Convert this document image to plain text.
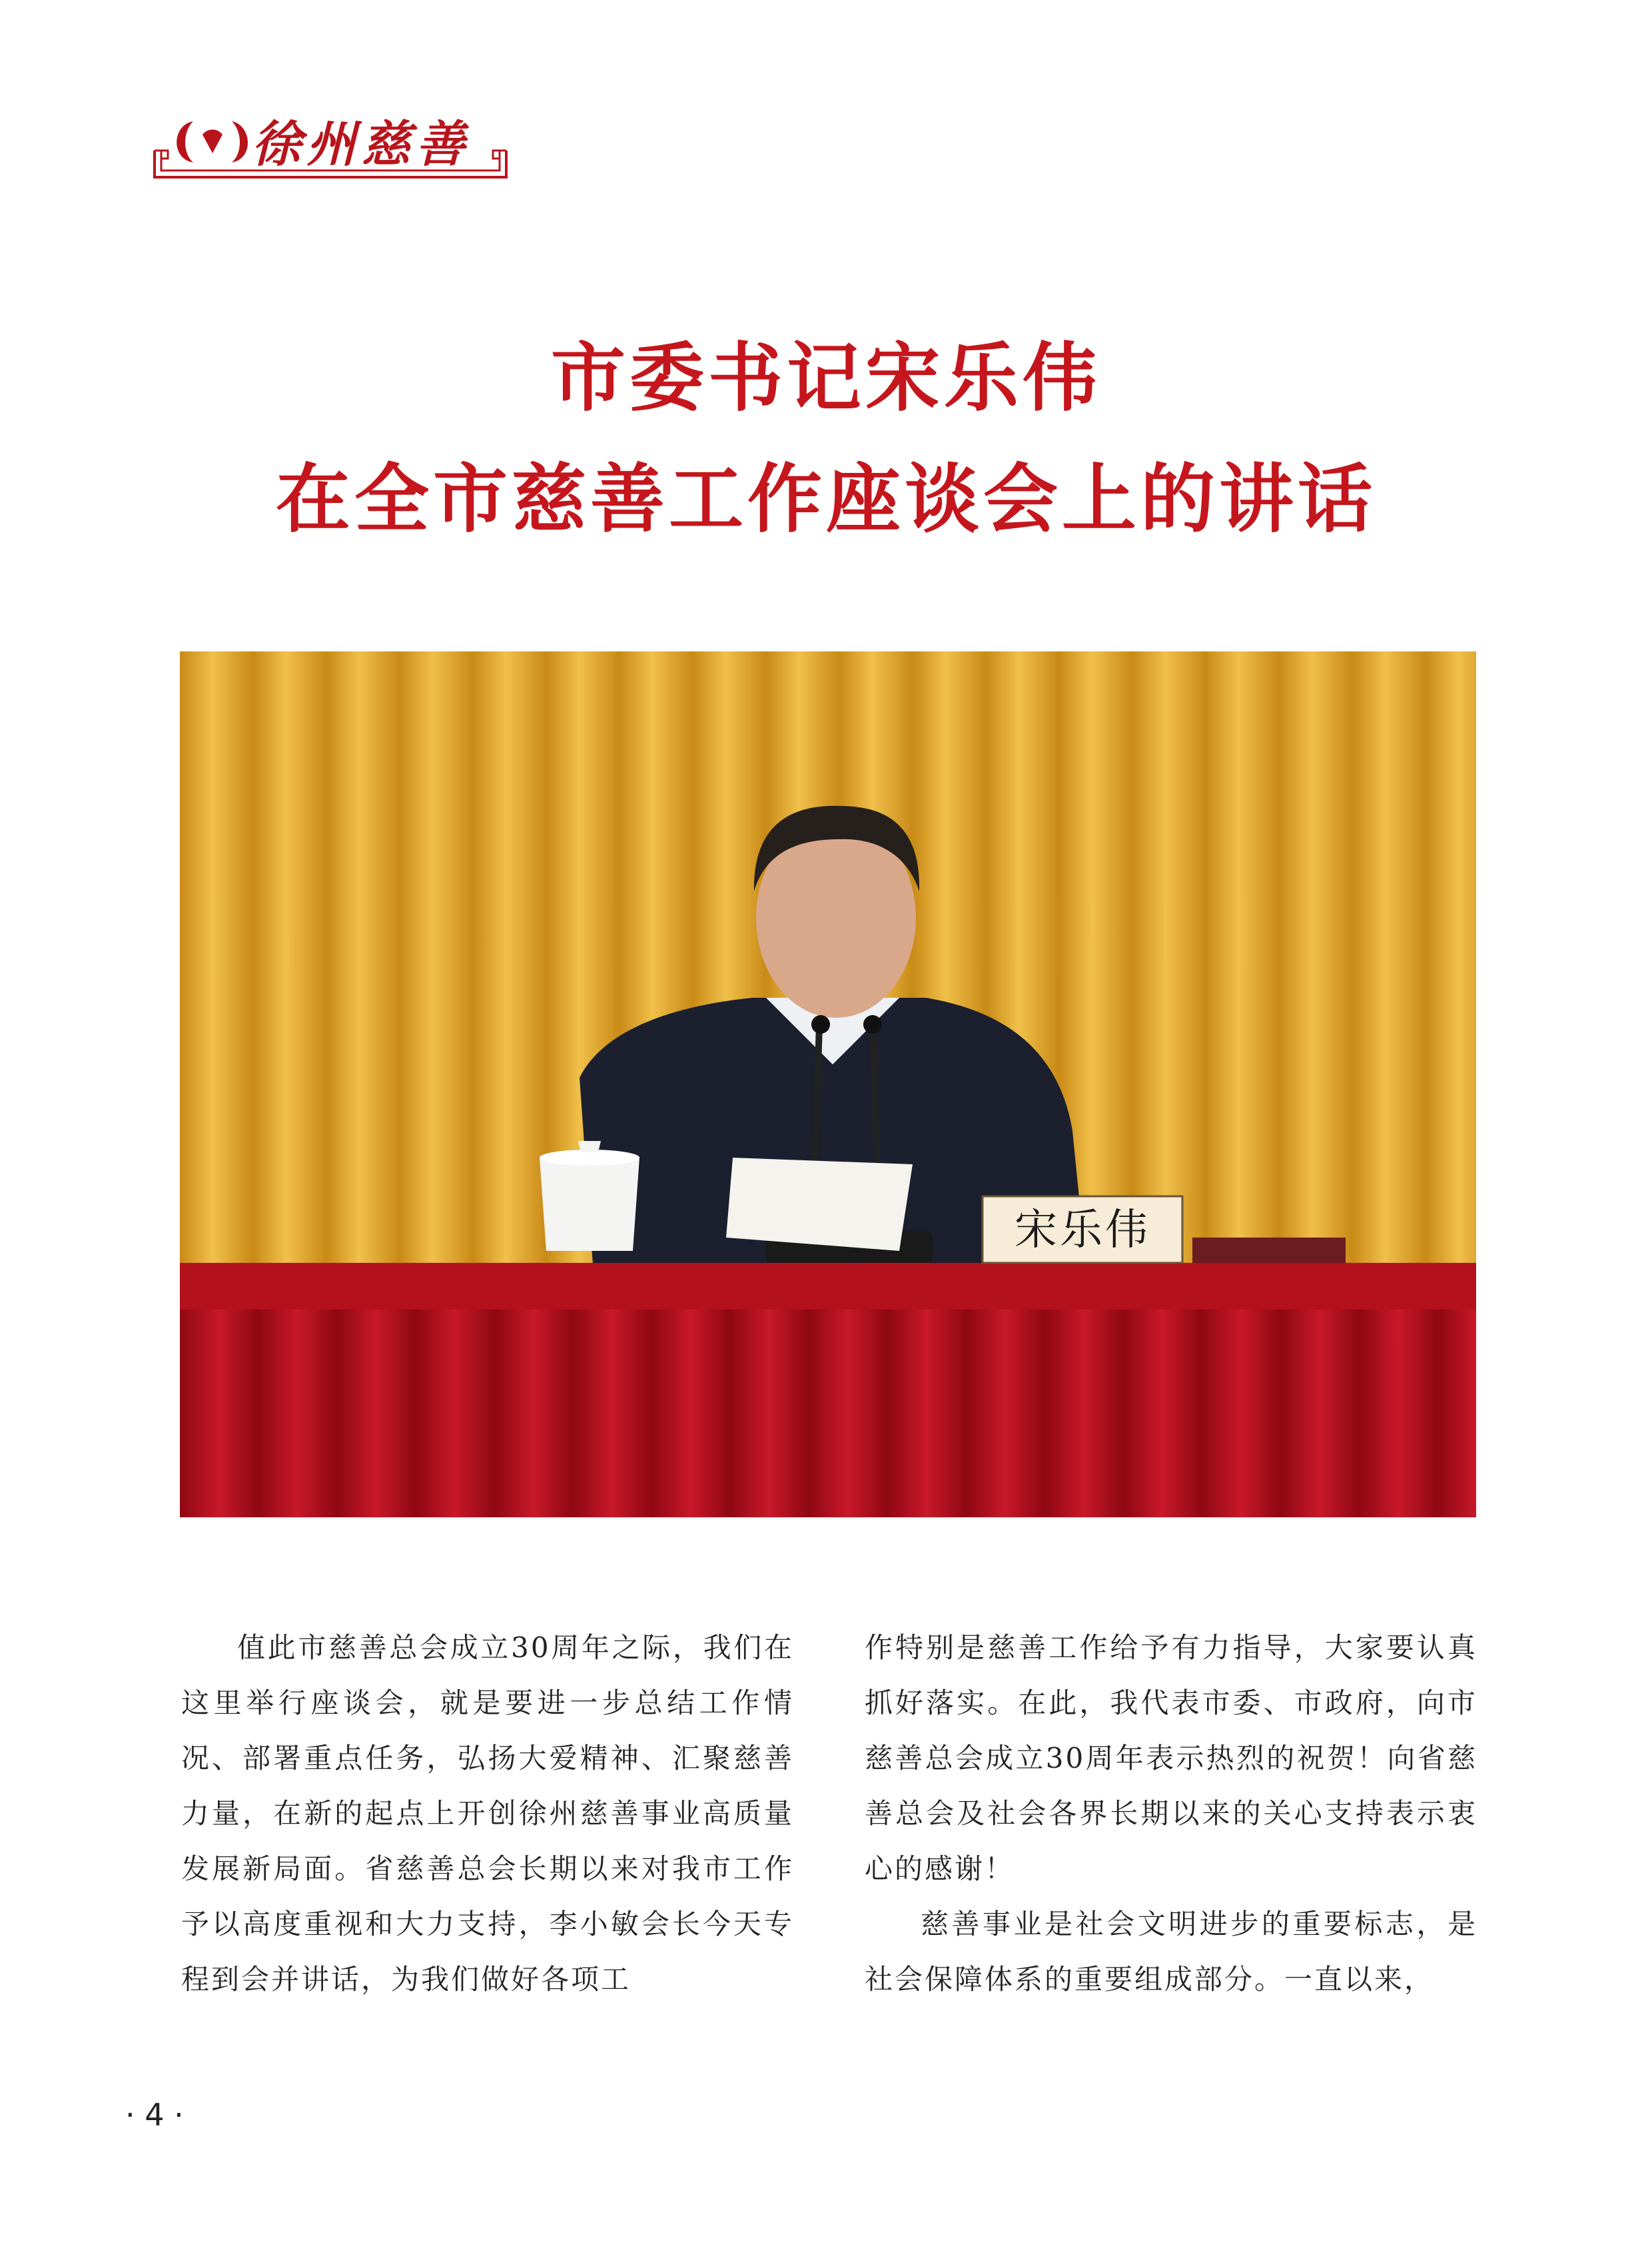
徐州慈善
市委书记宋乐伟
在全市慈善工作座谈会上的讲话
宋乐伟

值此市慈善总会成立30周年之际，我们在这里举行座谈会，就是要进一步总结工作情况、部署重点任务，弘扬大爱精神、汇聚慈善力量，在新的起点上开创徐州慈善事业高质量发展新局面。省慈善总会长期以来对我市工作予以高度重视和大力支持，李小敏会长今天专程到会并讲话，为我们做好各项工

作特别是慈善工作给予有力指导，大家要认真抓好落实。在此，我代表市委、市政府，向市慈善总会成立30周年表示热烈的祝贺！向省慈善总会及社会各界长期以来的关心支持表示衷心的感谢！

慈善事业是社会文明进步的重要标志，是社会保障体系的重要组成部分。一直以来，

· 4 ·
